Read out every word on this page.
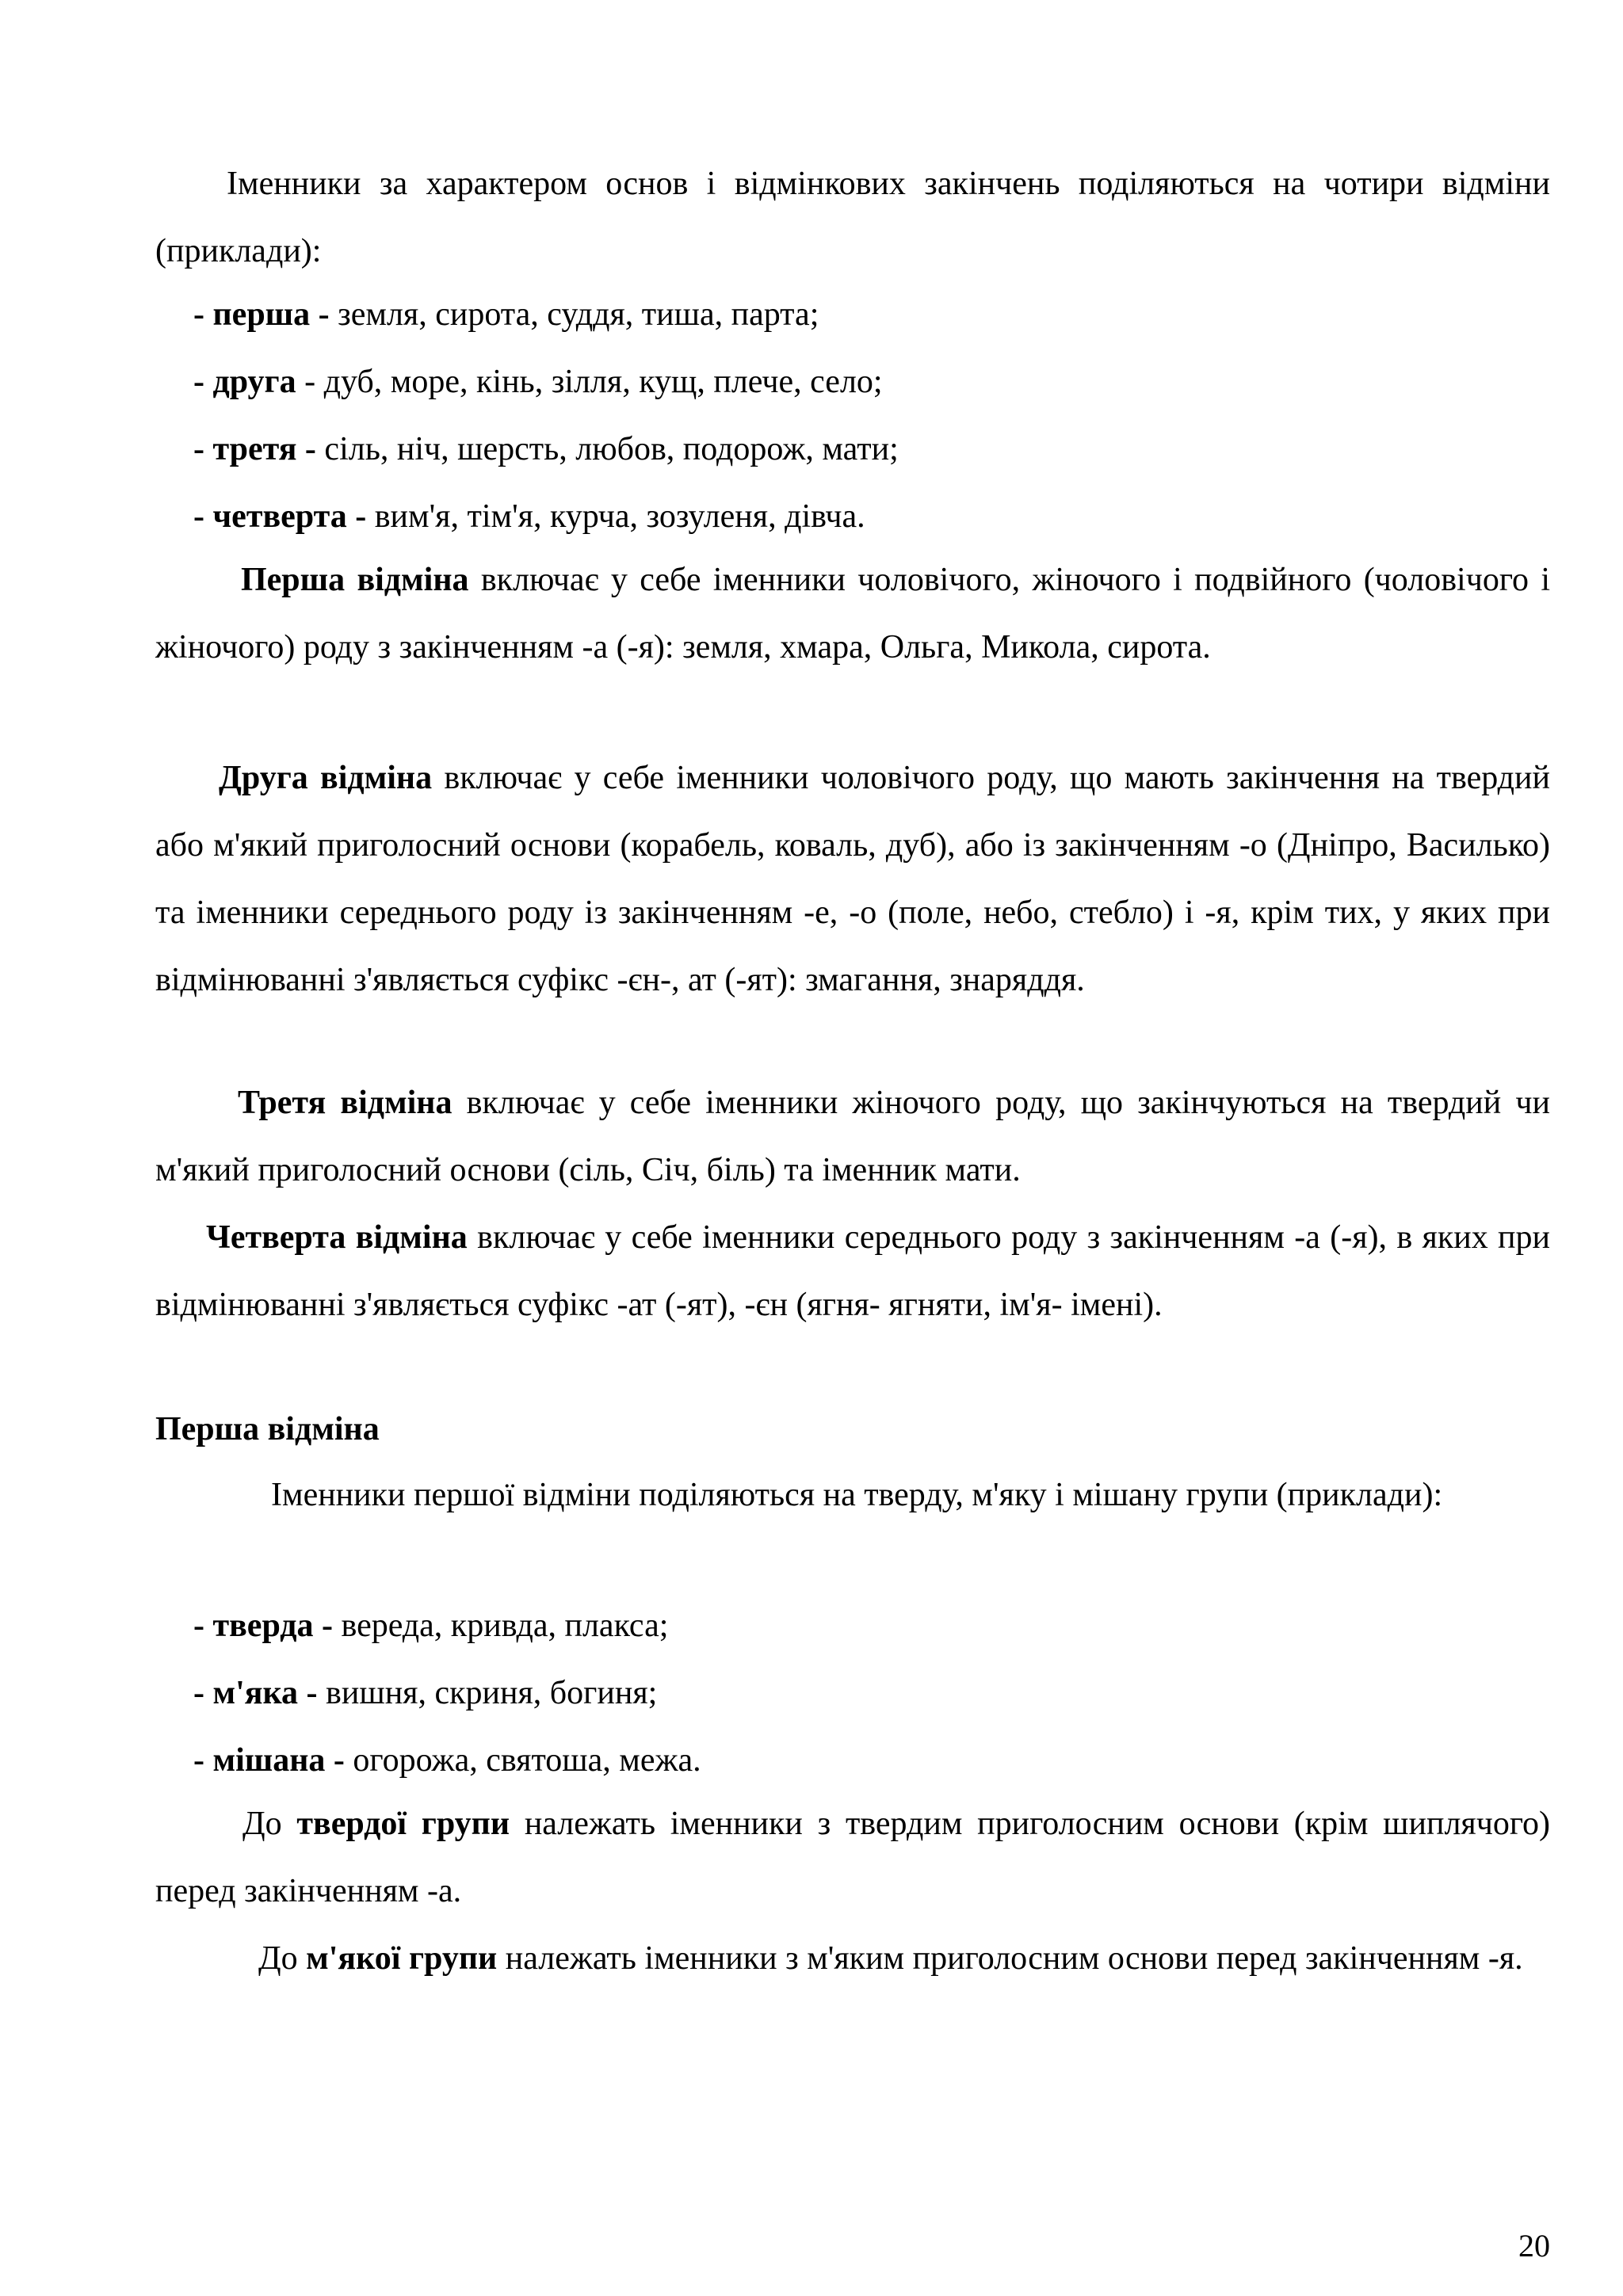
Іменники за характером основ і відмінкових закінчень поділяються на чотири відміни (приклади):

- перша - земля, сирота, суддя, тиша, парта;

- друга - дуб, море, кінь, зілля, кущ, плече, село;

- третя - сіль, ніч, шерсть, любов, подорож, мати;

- четверта - вим'я, тім'я, курча, зозуленя, дівча.

Перша відміна включає у себе іменники чоловічого, жіночого і подвійного (чоловічого і жіночого) роду з закінченням -а (-я): земля, хмара, Ольга, Микола, сирота.

Друга відміна включає у себе іменники чоловічого роду, що мають закінчення на твердий або м'який приголосний основи (корабель, коваль, дуб), або із закінченням -о (Дніпро, Василько) та іменники середнього роду із закінченням -е, -о (поле, небо, стебло) і -я, крім тих, у яких при відмінюванні з'являється суфікс -єн-, ат (-ят): змагання, знаряддя.

Третя відміна включає у себе іменники жіночого роду, що закінчуються на твердий чи м'який приголосний основи (сіль, Січ, біль) та іменник мати.

Четверта відміна включає у себе іменники середнього роду з закінченням -а (-я), в яких при відмінюванні з'являється суфікс -ат (-ят), -єн (ягня- ягняти, ім'я- імені).

Перша відміна

Іменники першої відміни поділяються на тверду, м'яку і мішану групи (приклади):

- тверда - вереда, кривда, плакса;

- м'яка - вишня, скриня, богиня;

- мішана - огорожа, святоша, межа.

До твердої групи належать іменники з твердим приголосним основи (крім шиплячого) перед закінченням -а.

До м'якої групи належать іменники з м'яким приголосним основи перед закінченням -я.

20
